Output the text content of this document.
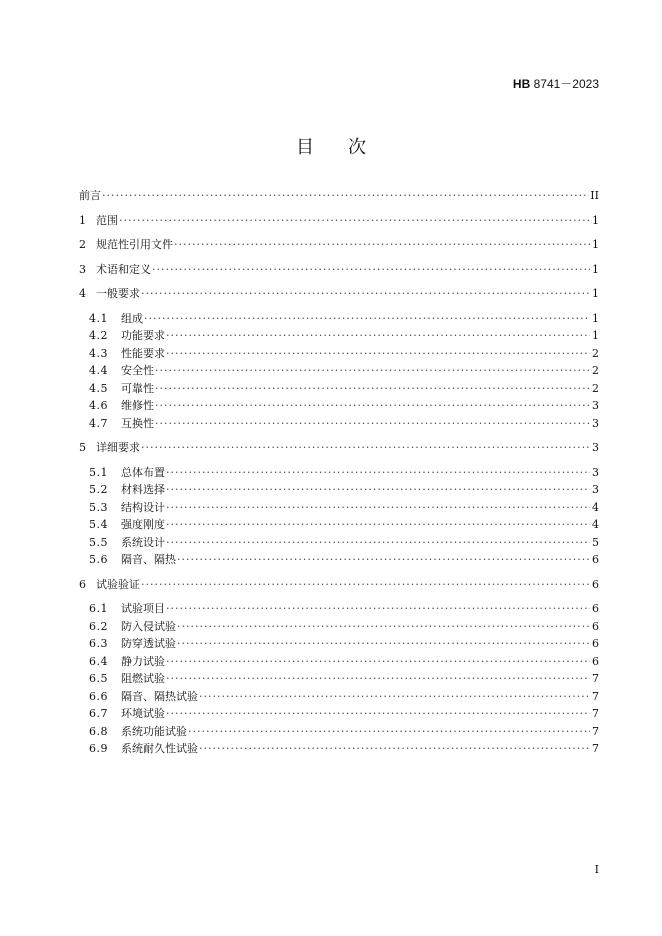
HB 8741－2023
目次
前言 ·····	II
1 范围 ·····	1
2 规范性引用文件 ·····	1
3 术语和定义 ·····	1
4 一般要求 ·····	1
4.1	组成 ·····	1
4.2	功能要求 ·····	1
4.3	性能要求 ·····	2
4.4	安全性 ·····	2
4.5	可靠性 ·····	2
4.6	维修性 ·····	3
4.7	互换性 ·····	3
5 详细要求 ·····	3
5.1	总体布置 ·····	3
5.2	材料选择 ·····	3
5.3	结构设计 ·····	4
5.4	强度刚度 ·····	4
5.5	系统设计 ·····	5
5.6	隔音、隔热 ·····	6
6 试验验证 ·····	6
6.1	试验项目 ·····	6
6.2	防入侵试验 ·····	6
6.3	防穿透试验 ·····	6
6.4	静力试验 ·····	6
6.5	阻燃试验 ·····	7
6.6	隔音、隔热试验 ·····	7
6.7	环境试验 ·····	7
6.8	系统功能试验 ·····	7
6.9	系统耐久性试验 ·····	7
I
